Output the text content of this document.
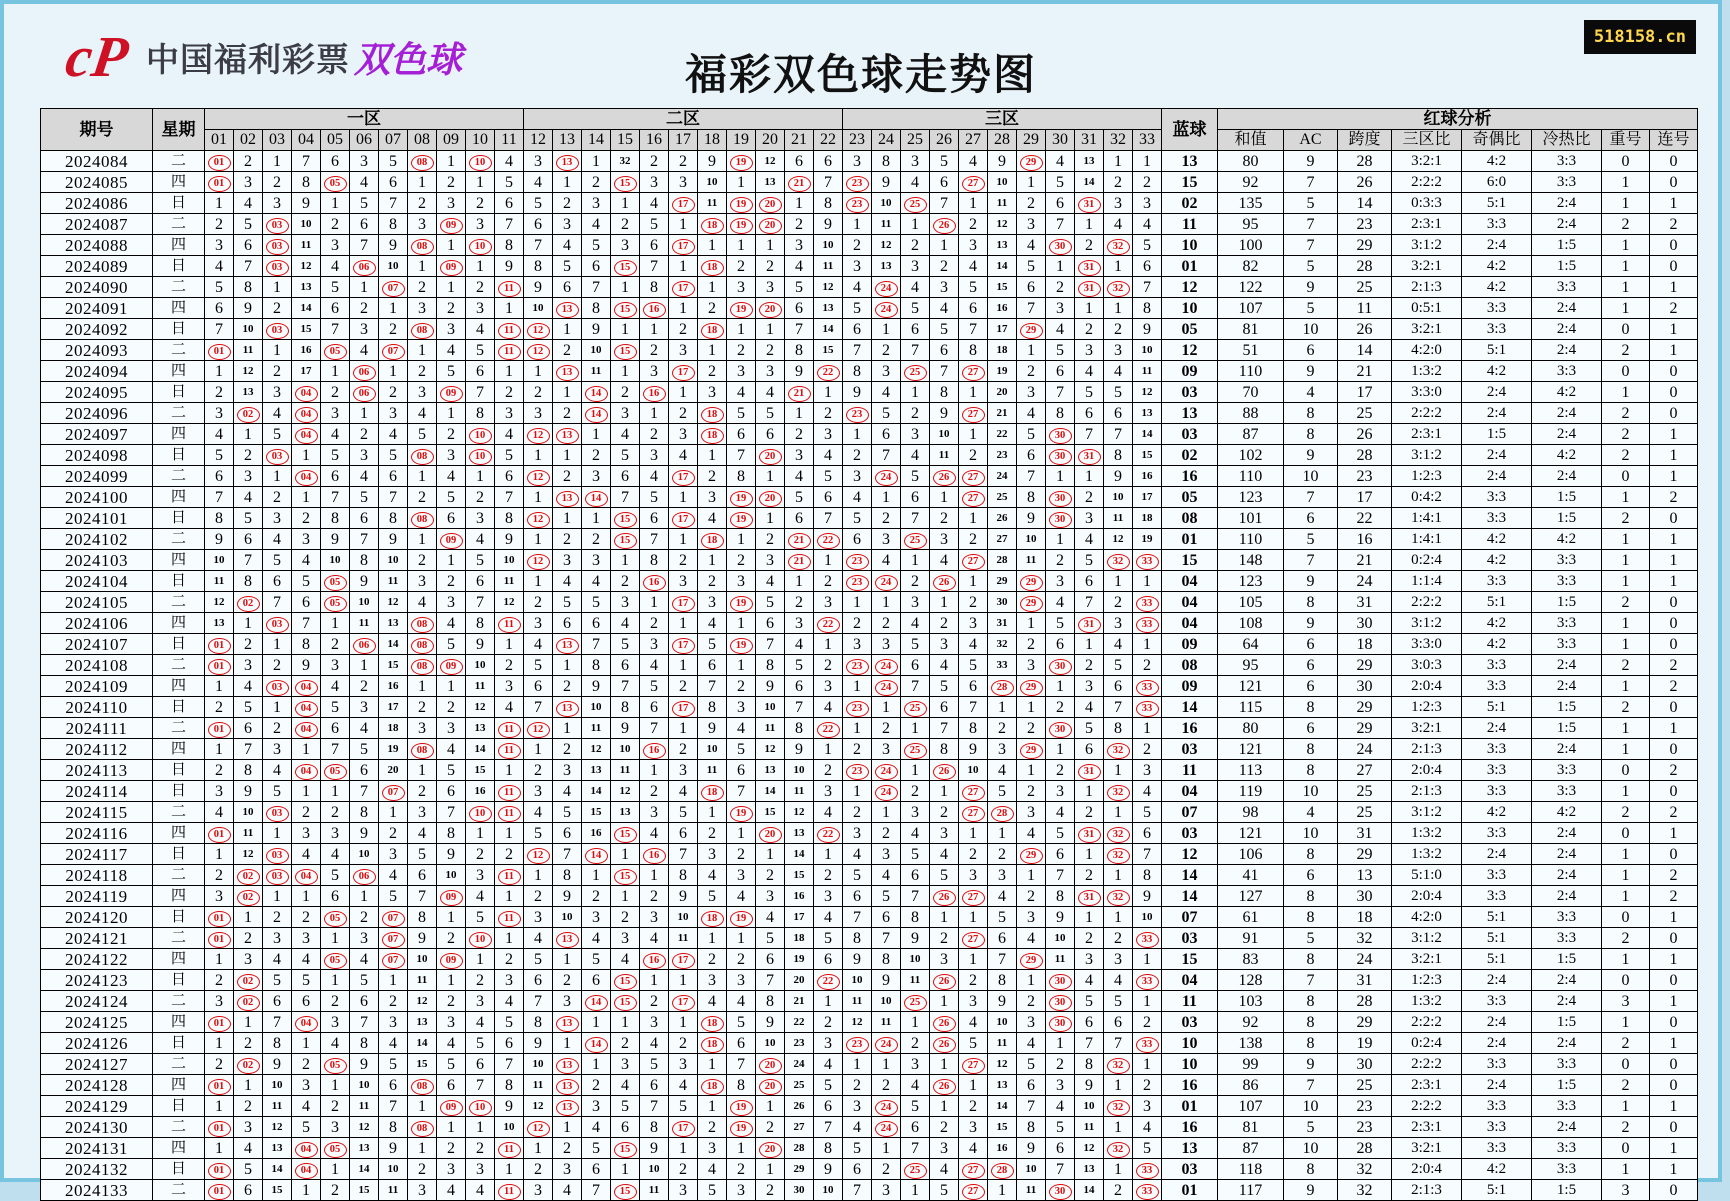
cP 中国福利彩票 双色球	福彩双色球走势图
518158.cn
期号	星期	一区											二区											三区											蓝球	红球分析							
		01	02	03	04	05	06	07	08	09	10	11	12	13	14	15	16	17	18	19	20	21	22	23	24	25	26	27	28	29	30	31	32	33		和值	AC	跨度	三区比	奇偶比	冷热比	重号	连号
2024084	二	01	2	1	7	6	3	5	08	1	10	4	3	13	1	32	2	2	9	19	12	6	6	3	8	3	5	4	9	29	4	13	1	1	13	80	9	28	3:2:1	4:2	3:3	0	0
2024085	四	01	3	2	8	05	4	6	1	2	1	5	4	1	2	15	3	3	10	1	13	21	7	23	9	4	6	27	10	1	5	14	2	2	15	92	7	26	2:2:2	6:0	3:3	1	0
2024086	日	1	4	3	9	1	5	7	2	3	2	6	5	2	3	1	4	17	11	19	20	1	8	23	10	25	7	1	11	2	6	31	3	3	02	135	5	14	0:3:3	5:1	2:4	1	1
2024087	二	2	5	03	10	2	6	8	3	09	3	7	6	3	4	2	5	1	18	19	20	2	9	1	11	1	26	2	12	3	7	1	4	4	11	95	7	23	2:3:1	3:3	2:4	2	2
2024088	四	3	6	03	11	3	7	9	08	1	10	8	7	4	5	3	6	17	1	1	1	3	10	2	12	2	1	3	13	4	30	2	32	5	10	100	7	29	3:1:2	2:4	1:5	1	0
2024089	日	4	7	03	12	4	06	10	1	09	1	9	8	5	6	15	7	1	18	2	2	4	11	3	13	3	2	4	14	5	1	31	1	6	01	82	5	28	3:2:1	4:2	1:5	1	0
2024090	二	5	8	1	13	5	1	07	2	1	2	11	9	6	7	1	8	17	1	3	3	5	12	4	24	4	3	5	15	6	2	31	32	7	12	122	9	25	2:1:3	4:2	3:3	1	1
2024091	四	6	9	2	14	6	2	1	3	2	3	1	10	13	8	15	16	1	2	19	20	6	13	5	24	5	4	6	16	7	3	1	1	8	10	107	5	11	0:5:1	3:3	2:4	1	2
2024092	日	7	10	03	15	7	3	2	08	3	4	11	12	1	9	1	1	2	18	1	1	7	14	6	1	6	5	7	17	29	4	2	2	9	05	81	10	26	3:2:1	3:3	2:4	0	1
2024093	二	01	11	1	16	05	4	07	1	4	5	11	12	2	10	15	2	3	1	2	2	8	15	7	2	7	6	8	18	1	5	3	3	10	12	51	6	14	4:2:0	5:1	2:4	2	1
2024094	四	1	12	2	17	1	06	1	2	5	6	1	1	13	11	1	3	17	2	3	3	9	22	8	3	25	7	27	19	2	6	4	4	11	09	110	9	21	1:3:2	4:2	3:3	0	0
2024095	日	2	13	3	04	2	06	2	3	09	7	2	2	1	14	2	16	1	3	4	4	21	1	9	4	1	8	1	20	3	7	5	5	12	03	70	4	17	3:3:0	2:4	4:2	1	0
2024096	二	3	02	4	04	3	1	3	4	1	8	3	3	2	14	3	1	2	18	5	5	1	2	23	5	2	9	27	21	4	8	6	6	13	13	88	8	25	2:2:2	2:4	2:4	2	0
2024097	四	4	1	5	04	4	2	4	5	2	10	4	12	13	1	4	2	3	18	6	6	2	3	1	6	3	10	1	22	5	30	7	7	14	03	87	8	26	2:3:1	1:5	2:4	2	1
2024098	日	5	2	03	1	5	3	5	08	3	10	5	1	1	2	5	3	4	1	7	20	3	4	2	7	4	11	2	23	6	30	31	8	15	02	102	9	28	3:1:2	2:4	4:2	2	1
2024099	二	6	3	1	04	6	4	6	1	4	1	6	12	2	3	6	4	17	2	8	1	4	5	3	24	5	26	27	24	7	1	1	9	16	16	110	10	23	1:2:3	2:4	2:4	0	1
2024100	四	7	4	2	1	7	5	7	2	5	2	7	1	13	14	7	5	1	3	19	20	5	6	4	1	6	1	27	25	8	30	2	10	17	05	123	7	17	0:4:2	3:3	1:5	1	2
2024101	日	8	5	3	2	8	6	8	08	6	3	8	12	1	1	15	6	17	4	19	1	6	7	5	2	7	2	1	26	9	30	3	11	18	08	101	6	22	1:4:1	3:3	1:5	2	0
2024102	二	9	6	4	3	9	7	9	1	09	4	9	1	2	2	15	7	1	18	1	2	21	22	6	3	25	3	2	27	10	1	4	12	19	01	110	5	16	1:4:1	4:2	4:2	1	1
2024103	四	10	7	5	4	10	8	10	2	1	5	10	12	3	3	1	8	2	1	2	3	21	1	23	4	1	4	27	28	11	2	5	32	33	15	148	7	21	0:2:4	4:2	3:3	1	1
2024104	日	11	8	6	5	05	9	11	3	2	6	11	1	4	4	2	16	3	2	3	4	1	2	23	24	2	26	1	29	29	3	6	1	1	04	123	9	24	1:1:4	3:3	3:3	1	1
2024105	二	12	02	7	6	05	10	12	4	3	7	12	2	5	5	3	1	17	3	19	5	2	3	1	1	3	1	2	30	29	4	7	2	33	04	105	8	31	2:2:2	5:1	1:5	2	0
2024106	四	13	1	03	7	1	11	13	08	4	8	11	3	6	6	4	2	1	4	1	6	3	22	2	2	4	2	3	31	1	5	31	3	33	04	108	9	30	3:1:2	4:2	3:3	1	0
2024107	日	01	2	1	8	2	06	14	08	5	9	1	4	13	7	5	3	17	5	19	7	4	1	3	3	5	3	4	32	2	6	1	4	1	09	64	6	18	3:3:0	4:2	3:3	1	0
2024108	二	01	3	2	9	3	1	15	08	09	10	2	5	1	8	6	4	1	6	1	8	5	2	23	24	6	4	5	33	3	30	2	5	2	08	95	6	29	3:0:3	3:3	2:4	2	2
2024109	四	1	4	03	04	4	2	16	1	1	11	3	6	2	9	7	5	2	7	2	9	6	3	1	24	7	5	6	28	29	1	3	6	33	09	121	6	30	2:0:4	3:3	2:4	1	2
2024110	日	2	5	1	04	5	3	17	2	2	12	4	7	13	10	8	6	17	8	3	10	7	4	23	1	25	6	7	1	1	2	4	7	33	14	115	8	29	1:2:3	5:1	1:5	2	0
2024111	二	01	6	2	04	6	4	18	3	3	13	11	12	1	11	9	7	1	9	4	11	8	22	1	2	1	7	8	2	2	30	5	8	1	16	80	6	29	3:2:1	2:4	1:5	1	1
2024112	四	1	7	3	1	7	5	19	08	4	14	11	1	2	12	10	16	2	10	5	12	9	1	2	3	25	8	9	3	29	1	6	32	2	03	121	8	24	2:1:3	3:3	2:4	1	0
2024113	日	2	8	4	04	05	6	20	1	5	15	1	2	3	13	11	1	3	11	6	13	10	2	23	24	1	26	10	4	1	2	31	1	3	11	113	8	27	2:0:4	3:3	3:3	0	2
2024114	日	3	9	5	1	1	7	07	2	6	16	11	3	4	14	12	2	4	18	7	14	11	3	1	24	2	1	27	5	2	3	1	32	4	04	119	10	25	2:1:3	3:3	3:3	1	0
2024115	二	4	10	03	2	2	8	1	3	7	10	11	4	5	15	13	3	5	1	19	15	12	4	2	1	3	2	27	28	3	4	2	1	5	07	98	4	25	3:1:2	4:2	4:2	2	2
2024116	四	01	11	1	3	3	9	2	4	8	1	1	5	6	16	15	4	6	2	1	20	13	22	3	2	4	3	1	1	4	5	31	32	6	03	121	10	31	1:3:2	3:3	2:4	0	1
2024117	日	1	12	03	4	4	10	3	5	9	2	2	12	7	14	1	16	7	3	2	1	14	1	4	3	5	4	2	2	29	6	1	32	7	12	106	8	29	1:3:2	2:4	2:4	1	0
2024118	二	2	02	03	04	5	06	4	6	10	3	11	1	8	1	15	1	8	4	3	2	15	2	5	4	6	5	3	3	1	7	2	1	8	14	41	6	13	5:1:0	3:3	2:4	1	2
2024119	四	3	02	1	1	6	1	5	7	09	4	1	2	9	2	1	2	9	5	4	3	16	3	6	5	7	26	27	4	2	8	31	32	9	14	127	8	30	2:0:4	3:3	2:4	1	2
2024120	日	01	1	2	2	05	2	07	8	1	5	11	3	10	3	2	3	10	18	19	4	17	4	7	6	8	1	1	5	3	9	1	1	10	07	61	8	18	4:2:0	5:1	3:3	0	1
2024121	二	01	2	3	3	1	3	07	9	2	10	1	4	13	4	3	4	11	1	1	5	18	5	8	7	9	2	27	6	4	10	2	2	33	03	91	5	32	3:1:2	5:1	3:3	2	0
2024122	四	1	3	4	4	05	4	07	10	09	1	2	5	1	5	4	16	17	2	2	6	19	6	9	8	10	3	1	7	29	11	3	3	1	15	83	8	24	3:2:1	5:1	1:5	1	1
2024123	日	2	02	5	5	1	5	1	11	1	2	3	6	2	6	15	1	1	3	3	7	20	22	10	9	11	26	2	8	1	30	4	4	33	04	128	7	31	1:2:3	2:4	2:4	0	0
2024124	二	3	02	6	6	2	6	2	12	2	3	4	7	3	14	15	2	17	4	4	8	21	1	11	10	25	1	3	9	2	30	5	5	1	11	103	8	28	1:3:2	3:3	2:4	3	1
2024125	四	01	1	7	04	3	7	3	13	3	4	5	8	13	1	1	3	1	18	5	9	22	2	12	11	1	26	4	10	3	30	6	6	2	03	92	8	29	2:2:2	2:4	1:5	1	0
2024126	日	1	2	8	1	4	8	4	14	4	5	6	9	1	14	2	4	2	18	6	10	23	3	23	24	2	26	5	11	4	1	7	7	33	10	138	8	19	0:2:4	2:4	2:4	2	1
2024127	二	2	02	9	2	05	9	5	15	5	6	7	10	13	1	3	5	3	1	7	20	24	4	1	1	3	1	27	12	5	2	8	32	1	10	99	9	30	2:2:2	3:3	3:3	0	0
2024128	四	01	1	10	3	1	10	6	08	6	7	8	11	13	2	4	6	4	18	8	20	25	5	2	2	4	26	1	13	6	3	9	1	2	16	86	7	25	2:3:1	2:4	1:5	2	0
2024129	日	1	2	11	4	2	11	7	1	09	10	9	12	13	3	5	7	5	1	19	1	26	6	3	24	5	1	2	14	7	4	10	32	3	01	107	10	23	2:2:2	3:3	3:3	1	1
2024130	二	01	3	12	5	3	12	8	08	1	1	10	12	1	4	6	8	17	2	19	2	27	7	4	24	6	2	3	15	8	5	11	1	4	16	81	5	23	2:3:1	3:3	2:4	2	0
2024131	四	1	4	13	04	05	13	9	1	2	2	11	1	2	5	15	9	1	3	1	20	28	8	5	1	7	3	4	16	9	6	12	32	5	13	87	10	28	3:2:1	3:3	3:3	0	1
2024132	日	01	5	14	04	1	14	10	2	3	3	1	2	3	6	1	10	2	4	2	1	29	9	6	2	25	4	27	28	10	7	13	1	33	03	118	8	32	2:0:4	4:2	3:3	1	1
2024133	二	01	6	15	1	2	15	11	3	4	4	11	3	4	7	15	11	3	5	3	2	30	10	7	3	1	5	27	1	11	30	14	2	33	01	117	9	32	2:1:3	5:1	1:5	3	0
